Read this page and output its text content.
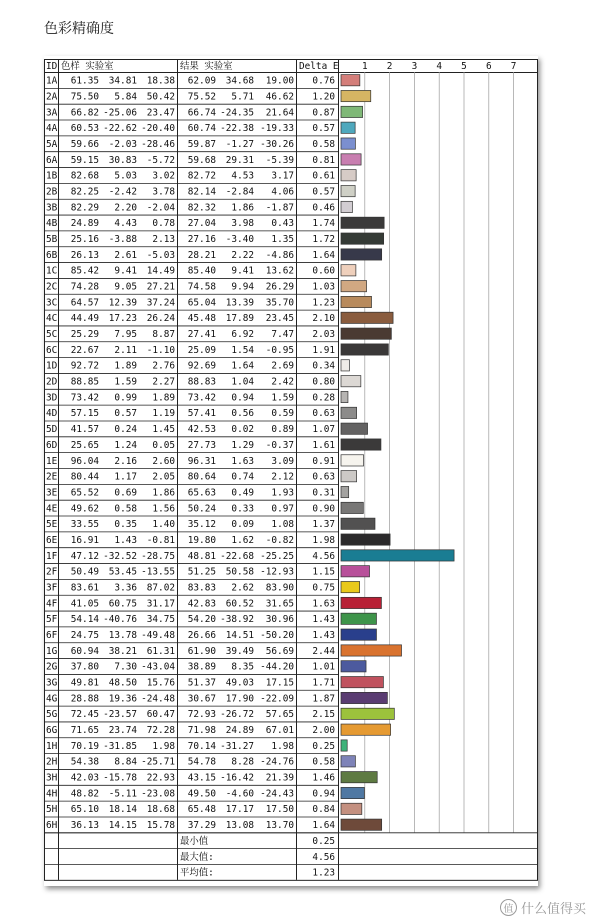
色彩精确度
ID 色样 实验室	结果 实验室	Delta E 1 2 3 4 5 6 7
1A 61.35 34.81 18.38 62.09 34.68 19.00 0.76
2A 75.50 5.84 50.42 75.52 5.71 46.62 1.20
3A 66.82 -25.06 23.47 66.74 -24.35 21.64 0.87
4A 60.53 -22.62 -20.40 60.74 -22.38 -19.33 0.57
5A 59.66 -2.03 -28.46 59.87 -1.27 -30.26 0.58
6A 59.15 30.83 -5.72 59.68 29.31 -5.39 0.81
1B 82.68 5.03 3.02 82.72 4.53 3.17 0.61
2B 82.25 -2.42 3.78 82.14 -2.84 4.06 0.57
3B 82.29 2.20 -2.04 82.32 1.86 -1.87 0.46
4B 24.89 4.43 0.78 27.04 3.98 0.43 1.74
5B 25.16 -3.88 2.13 27.16 -3.40 1.35 1.72
6B 26.13 2.61 -5.03 28.21 2.22 -4.86 1.64
1C 85.42 9.41 14.49 85.40 9.41 13.62 0.60
2C 74.28 9.05 27.21 74.58 9.94 26.29 1.03
3C 64.57 12.39 37.24 65.04 13.39 35.70 1.23
4C 44.49 17.23 26.24 45.48 17.89 23.45 2.10
5C 25.29 7.95 8.87 27.41 6.92 7.47 2.03
6C 22.67 2.11 -1.10 25.09 1.54 -0.95 1.91
1D 92.72 1.89 2.76 92.69 1.64 2.69 0.34
2D 88.85 1.59 2.27 88.83 1.04 2.42 0.80
3D 73.42 0.99 1.89 73.42 0.94 1.59 0.28
4D 57.15 0.57 1.19 57.41 0.56 0.59 0.63
5D 41.57 0.24 1.45 42.53 0.02 0.89 1.07
6D 25.65 1.24 0.05 27.73 1.29 -0.37 1.61
1E 96.04 2.16 2.60 96.31 1.63 3.09 0.91
2E 80.44 1.17 2.05 80.64 0.74 2.12 0.63
3E 65.52 0.69 1.86 65.63 0.49 1.93 0.31
4E 49.62 0.58 1.56 50.24 0.33 0.97 0.90
5E 33.55 0.35 1.40 35.12 0.09 1.08 1.37
6E 16.91 1.43 -0.81 19.80 1.62 -0.82 1.98
1F 47.12 -32.52 -28.75 48.81 -22.68 -25.25 4.56
2F 50.49 53.45 -13.55 51.25 50.58 -12.93 1.15
3F 83.61 3.36 87.02 83.83 2.62 83.90 0.75
4F 41.05 60.75 31.17 42.83 60.52 31.65 1.63
5F 54.14 -40.76 34.75 54.20 -38.92 30.96 1.43
6F 24.75 13.78 -49.48 26.66 14.51 -50.20 1.43
1G 60.94 38.21 61.31 61.90 39.49 56.69 2.44
2G 37.80 7.30 -43.04 38.89 8.35 -44.20 1.01
3G 49.81 48.50 15.76 51.37 49.03 17.15 1.71
4G 28.88 19.36 -24.48 30.67 17.90 -22.09 1.87
5G 72.45 -23.57 60.47 72.93 -26.72 57.65 2.15
6G 71.65 23.74 72.28 71.98 24.89 67.01 2.00
1H 70.19 -31.85 1.98 70.14 -31.27 1.98 0.25
2H 54.38 8.84 -25.71 54.78 8.28 -24.76 0.58
3H 42.03 -15.78 22.93 43.15 -16.42 21.39 1.46
4H 48.82 -5.11 -23.08 49.50 -4.60 -24.43 0.94
5H 65.10 18.14 18.68 65.48 17.17 17.50 0.84
6H 36.13 14.15 15.78 37.29 13.08 13.70 1.64
最小值	0.25
最大值:	4.56
平均值:	1.23
值 什么值得买
